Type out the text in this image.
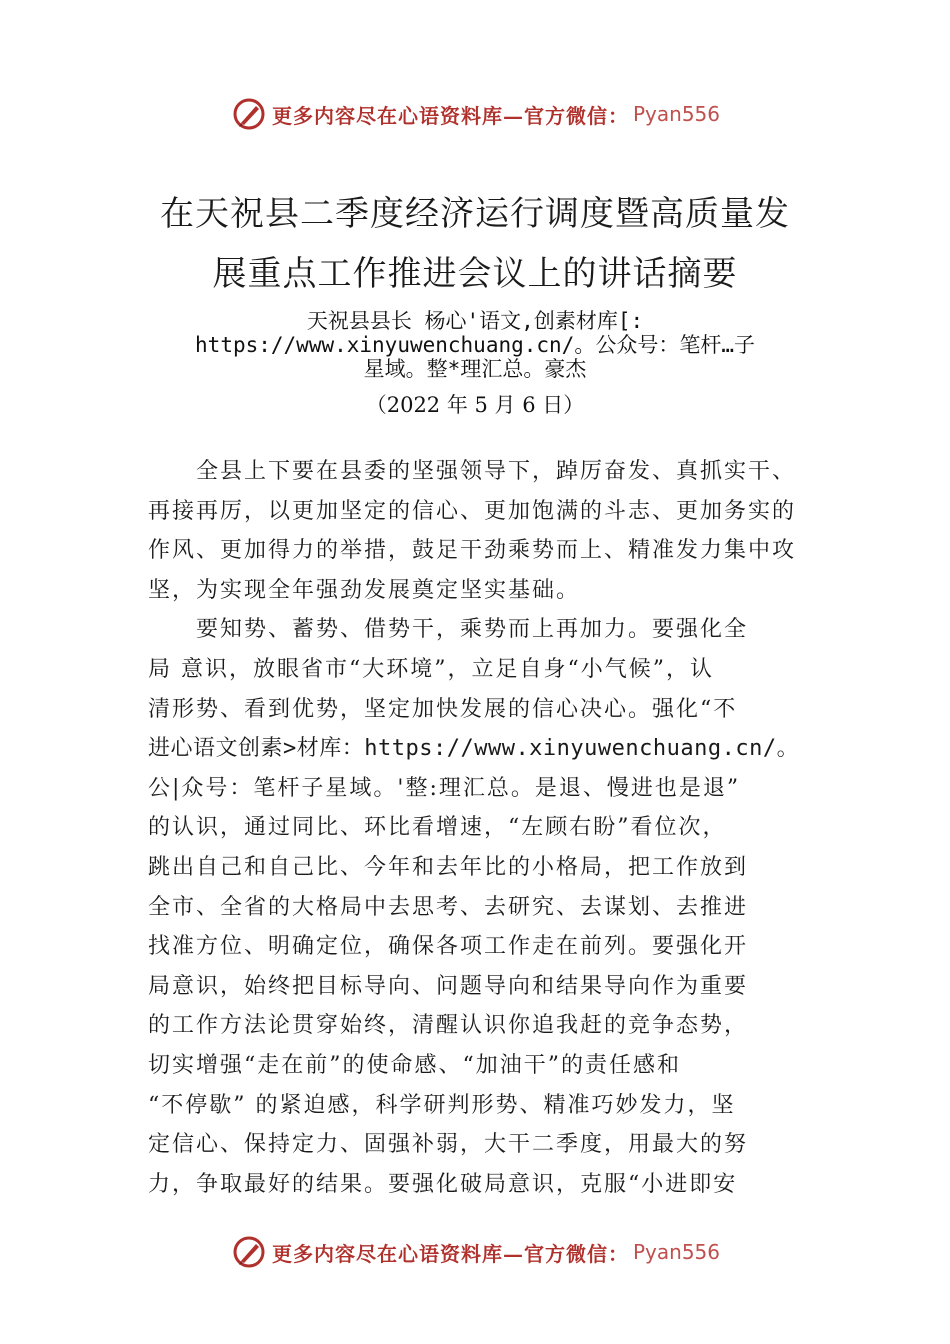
更多内容尽在心语资料库—官方微信： Pyan556
在天祝县二季度经济运行调度暨高质量发
展重点工作推进会议上的讲话摘要
天祝县县长 杨心'语文,创素材库[:
https://www.xinyuwenchuang.cn/。公众号：笔杆…子
星域。整*理汇总。豪杰
（2022 年 5 月 6 日）
全县上下要在县委的坚强领导下，踔厉奋发、真抓实干、
再接再厉，以更加坚定的信心、更加饱满的斗志、更加务实的
作风、更加得力的举措，鼓足干劲乘势而上、精准发力集中攻
坚，为实现全年强劲发展奠定坚实基础。
要知势、蓄势、借势干，乘势而上再加力。要强化全
局 意识，放眼省市“大环境”，立足自身“小气候”，认
清形势、看到优势，坚定加快发展的信心决心。强化“不
进心语文创素>材库：https://www.xinyuwenchuang.cn/。
公|众号：笔杆子星域。'整:理汇总。是退、慢进也是退”
的认识，通过同比、环比看增速，“左顾右盼”看位次，
跳出自己和自己比、今年和去年比的小格局，把工作放到
全市、全省的大格局中去思考、去研究、去谋划、去推进
找准方位、明确定位，确保各项工作走在前列。要强化开
局意识，始终把目标导向、问题导向和结果导向作为重要
的工作方法论贯穿始终，清醒认识你追我赶的竞争态势，
切实增强“走在前”的使命感、“加油干”的责任感和
“不停歇” 的紧迫感，科学研判形势、精准巧妙发力，坚
定信心、保持定力、固强补弱，大干二季度，用最大的努
力，争取最好的结果。要强化破局意识，克服“小进即安
更多内容尽在心语资料库—官方微信： Pyan556
